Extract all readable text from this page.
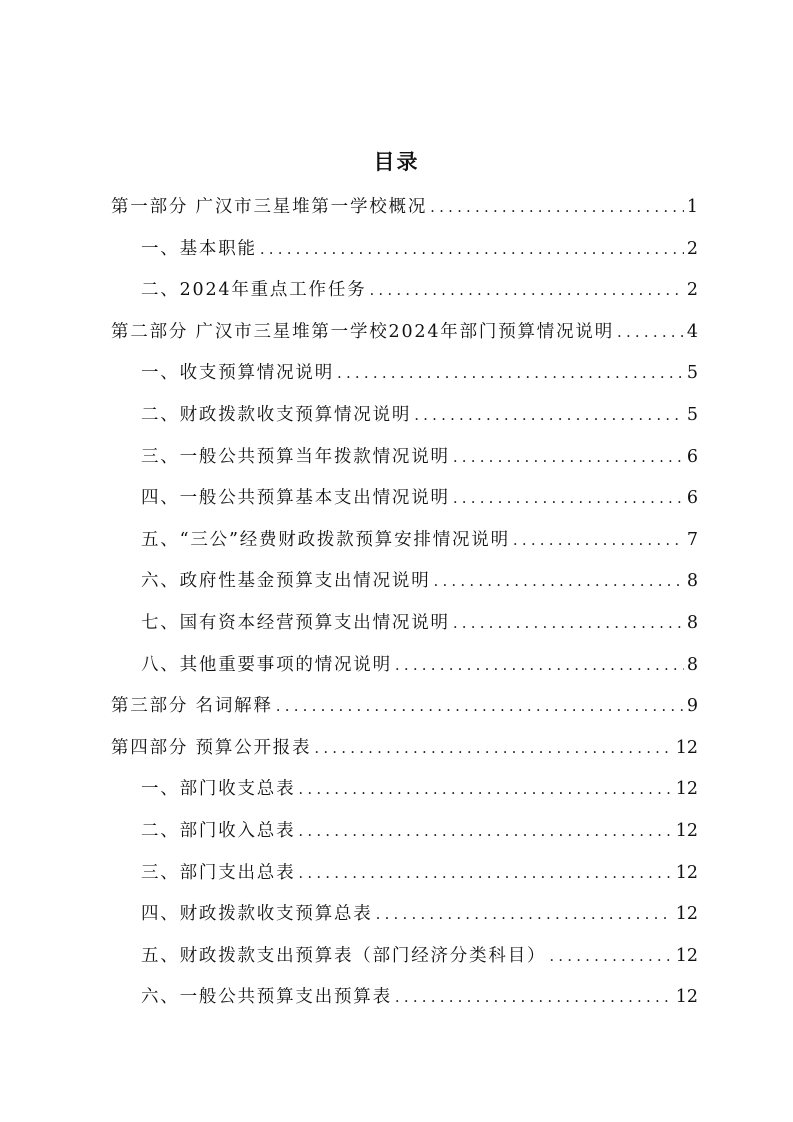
目录
第一部分 广汉市三星堆第一学校概况 .....	1
一、基本职能 .....	2
二、2024年重点工作任务 .....	2
第二部分 广汉市三星堆第一学校2024年部门预算情况说明 .....	4
一、收支预算情况说明 .....	5
二、财政拨款收支预算情况说明 .....	5
三、一般公共预算当年拨款情况说明 .....	6
四、一般公共预算基本支出情况说明 .....	6
五、“三公”经费财政拨款预算安排情况说明 .....	7
六、政府性基金预算支出情况说明 .....	8
七、国有资本经营预算支出情况说明 .....	8
八、其他重要事项的情况说明 .....	8
第三部分 名词解释 .....	9
第四部分 预算公开报表 .....	12
一、部门收支总表 .....	12
二、部门收入总表 .....	12
三、部门支出总表 .....	12
四、财政拨款收支预算总表 .....	12
五、财政拨款支出预算表（部门经济分类科目） .....	12
六、一般公共预算支出预算表 .....	12
